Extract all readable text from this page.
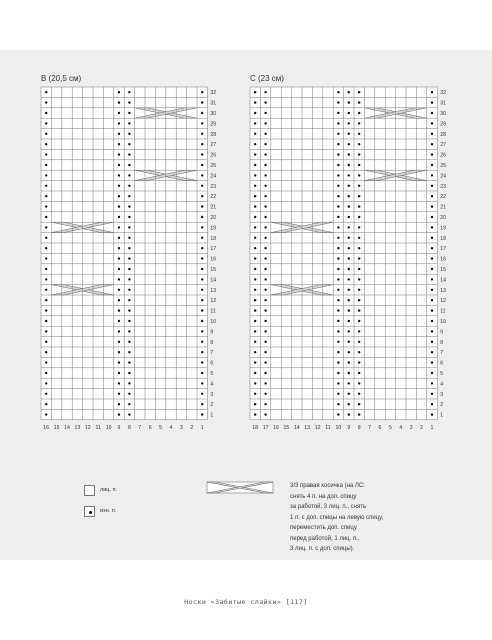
B (20,5 см)	С (23 см)
1
2
3
4
5
6
7
8
9
10
11
12
13
14
15
16
17
18
19
20
21
22
23
24
25
26
27
28
29
30
31
32
16 15 14 13 12 11 10 9 8 7 6 5 4 3 2 1
1
2
3
4
5
6
7
8
9
10
11
12
13
14
15
16
17
18
19
20
21
22
23
24
25
26
27
28
29
30
31
32
18 17 16 15 14 13 12 11 10 9 8 7 6 5 4 3 2 1
лиц. п.
изн. п.

3/3 правая косичка (на ЛС:
снять 4 п. на доп. спицу
за работой, 3 лиц. п., снять
1 п. с доп. спицы на левую спицу,
переместить доп. спицу
перед работой, 1 лиц. п.,
3 лиц. п. с доп. спицы).

Носки «Забитые слайки» [117]
